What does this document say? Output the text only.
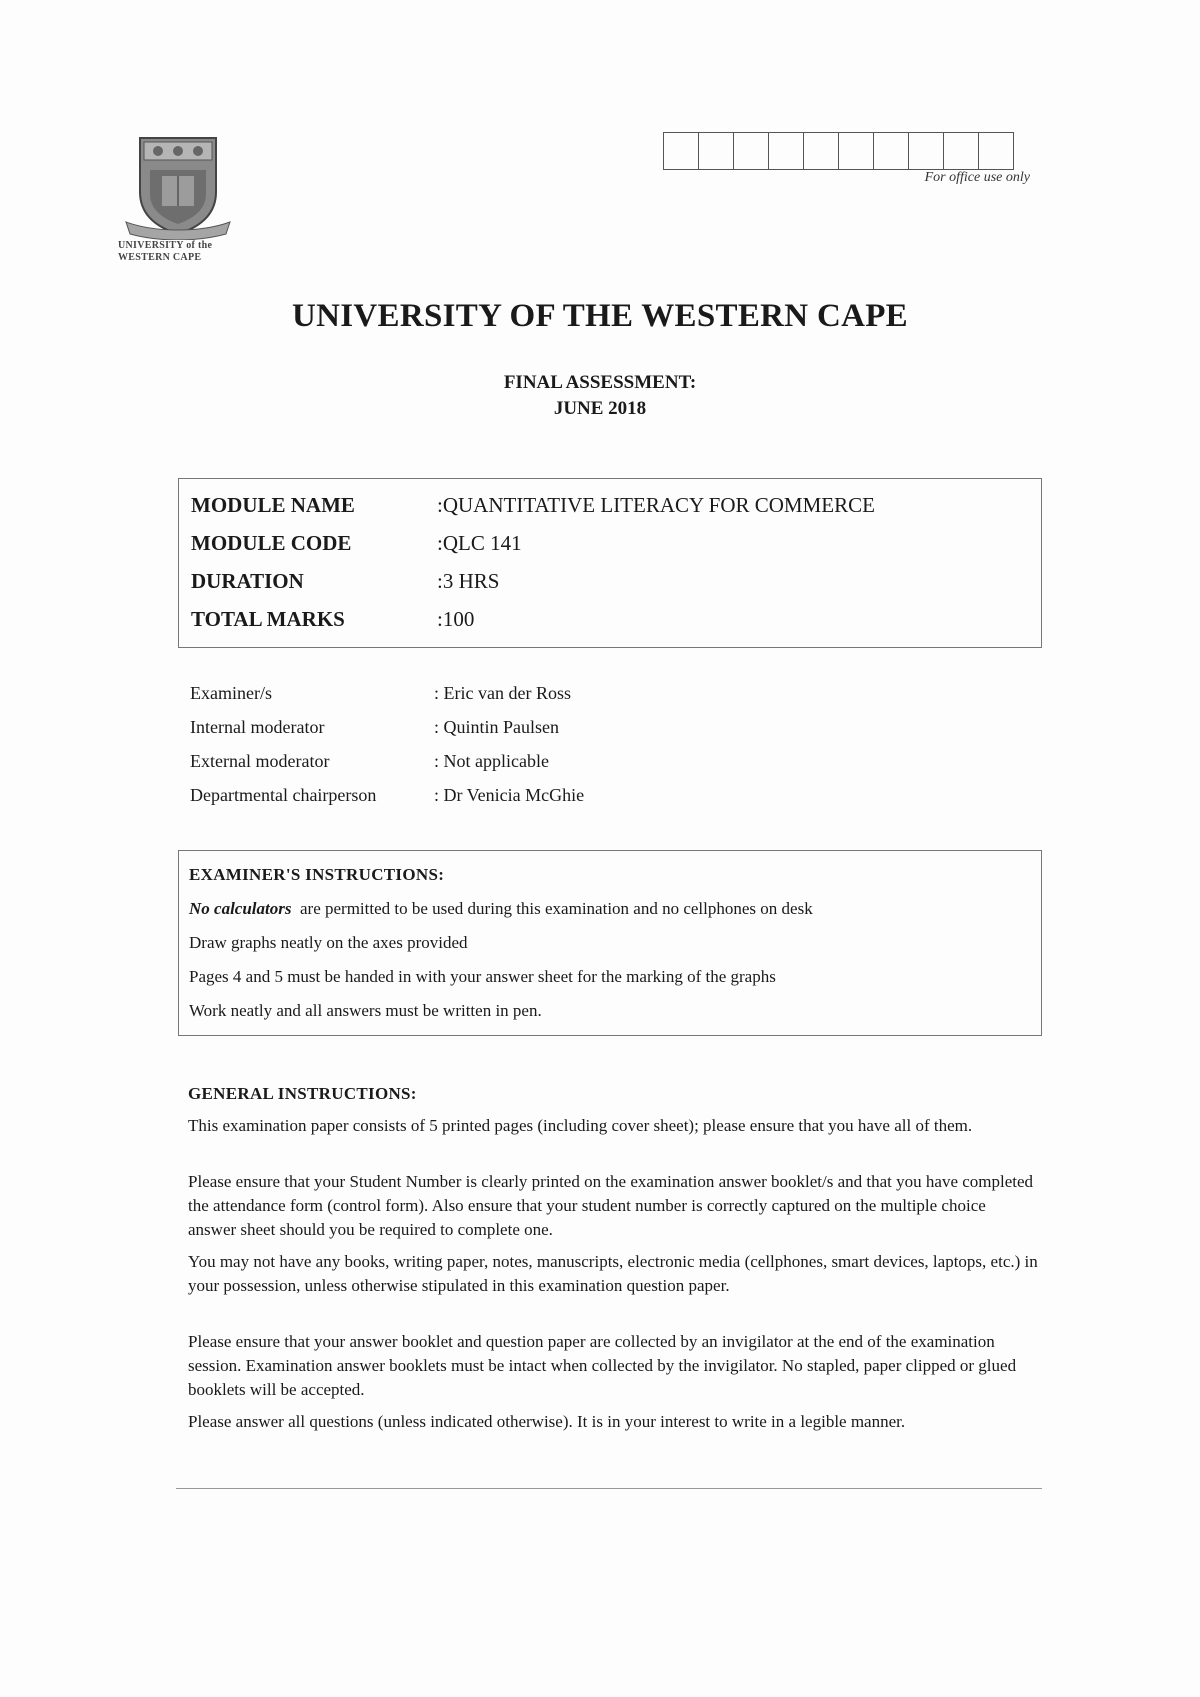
UNIVERSITY of the
WESTERN CAPE
For office use only
UNIVERSITY OF THE WESTERN CAPE
FINAL ASSESSMENT:
JUNE 2018
MODULE NAME	:QUANTITATIVE LITERACY FOR COMMERCE
MODULE CODE	:QLC 141
DURATION	:3 HRS
TOTAL MARKS	:100
Examiner/s	: Eric van der Ross
Internal moderator	: Quintin Paulsen
External moderator	: Not applicable
Departmental chairperson	: Dr Venicia McGhie
EXAMINER'S INSTRUCTIONS:
No calculators  are permitted to be used during this examination and no cellphones on desk
Draw graphs neatly on the axes provided
Pages 4 and 5 must be handed in with your answer sheet for the marking of the graphs
Work neatly and all answers must be written in pen.
GENERAL INSTRUCTIONS:
This examination paper consists of 5 printed pages (including cover sheet); please ensure that you have all of them.
Please ensure that your Student Number is clearly printed on the examination answer booklet/s and that you have completed the attendance form (control form). Also ensure that your student number is correctly captured on the multiple choice answer sheet should you be required to complete one.
You may not have any books, writing paper, notes, manuscripts, electronic media (cellphones, smart devices, laptops, etc.) in your possession, unless otherwise stipulated in this examination question paper.
Please ensure that your answer booklet and question paper are collected by an invigilator at the end of the examination session. Examination answer booklets must be intact when collected by the invigilator. No stapled, paper clipped or glued booklets will be accepted.
Please answer all questions (unless indicated otherwise). It is in your interest to write in a legible manner.
